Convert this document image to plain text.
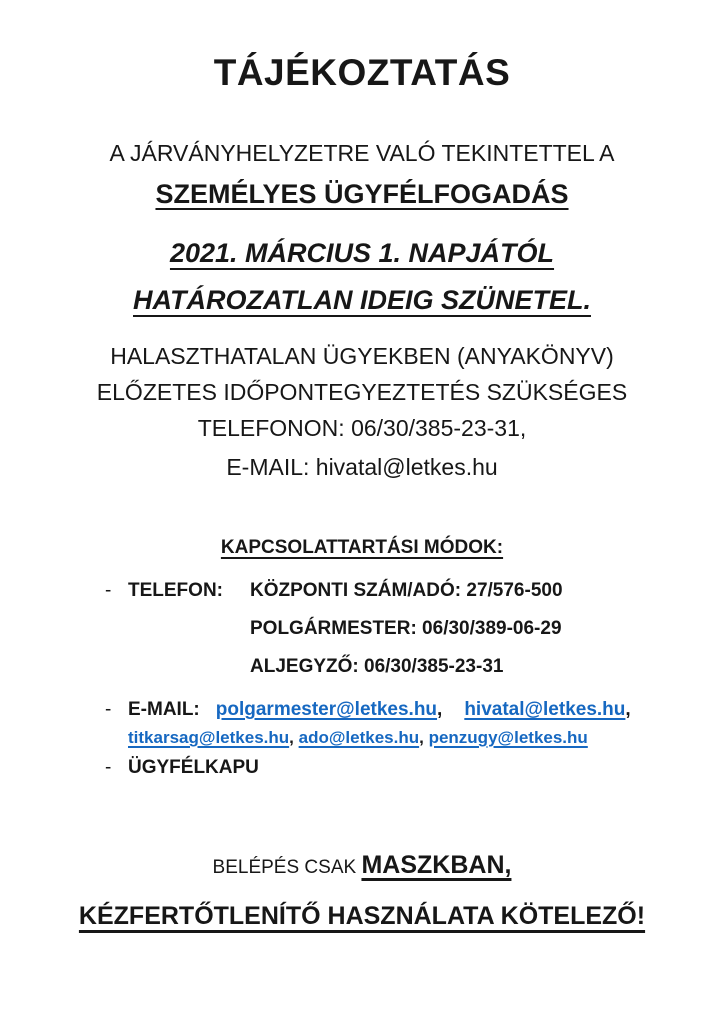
TÁJÉKOZTATÁS

A JÁRVÁNYHELYZETRE VALÓ TEKINTETTEL A

SZEMÉLYES ÜGYFÉLFOGADÁS

2021. MÁRCIUS 1. NAPJÁTÓL
HATÁROZATLAN IDEIG SZÜNETEL.

HALASZTHATALAN ÜGYEKBEN (ANYAKÖNYV)

ELŐZETES IDŐPONTEGYEZTETÉS SZÜKSÉGES

TELEFONON: 06/30/385-23-31,

E-MAIL: hivatal@letkes.hu

KAPCSOLATTARTÁSI MÓDOK:

- TELEFON:	KÖZPONTI SZÁM/ADÓ: 27/576-500
POLGÁRMESTER: 06/30/389-06-29
ALJEGYZŐ: 06/30/385-23-31
- E-MAIL: polgarmester@letkes.hu, hivatal@letkes.hu,
titkarsag@letkes.hu, ado@letkes.hu, penzugy@letkes.hu
- ÜGYFÉLKAPU

BELÉPÉS CSAK MASZKBAN,

KÉZFERTŐTLENÍTŐ HASZNÁLATA KÖTELEZŐ!
